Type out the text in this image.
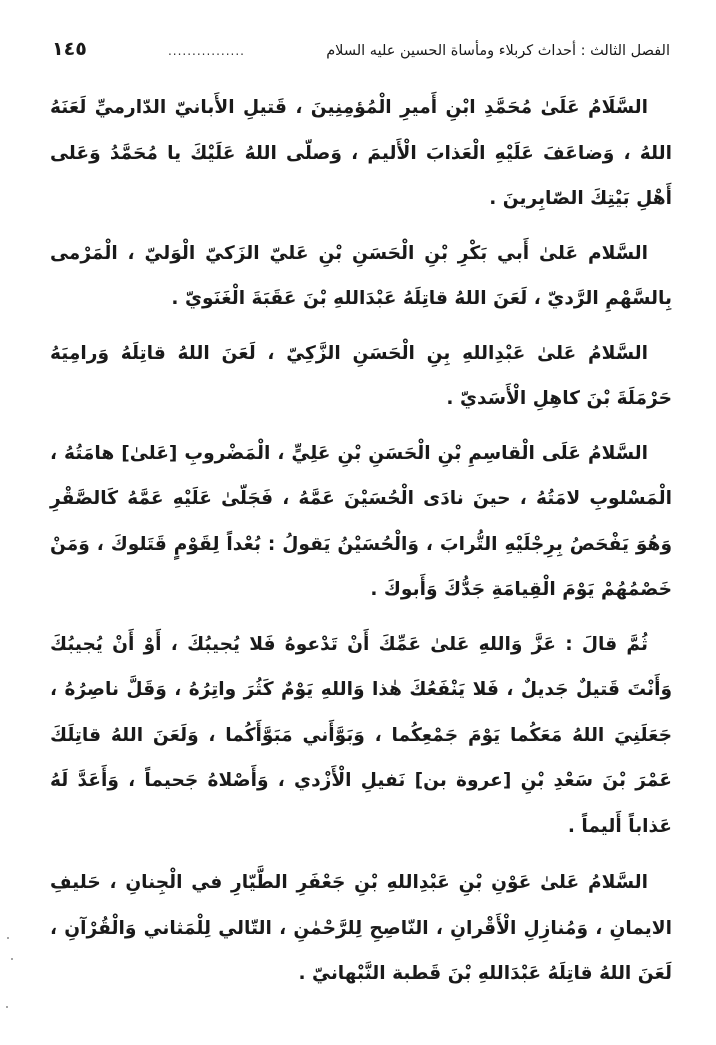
الفصل الثالث : أحداث كربلاء ومأساة الحسين عليه السلام
................
١٤٥

السَّلَامُ عَلَىٰ مُحَمَّدِ ابْنِ أَميرِ الْمُؤمِنِينَ ، قَتيلِ الأَبانيّ الدّارميِّ لَعَنَهُ اللهُ ، وَضاعَفَ عَلَيْهِ الْعَذابَ الْأَليمَ ، وَصلّى اللهُ عَلَيْكَ يا مُحَمَّدُ وَعَلى أَهْلِ بَيْتِكَ الصّابِرينَ .

السَّلام عَلىٰ أَبي بَكْرِ بْنِ الْحَسَنِ بْنِ عَليّ الزَكيّ الْوَليّ ، الْمَرْمى بِالسَّهْمِ الرَّديّ ، لَعَنَ اللهُ قاتِلَهُ عَبْدَاللهِ بْنَ عَقَبَةَ الْغَنَويّ .

السَّلامُ عَلىٰ عَبْدِاللهِ بِنِ الْحَسَنِ الزَّكِيّ ، لَعَنَ اللهُ قاتِلَهُ وَرامِيَهُ حَرْمَلَةَ بْنَ كاهِلِ الْأَسَديّ .

السَّلامُ عَلَى الْقاسِمِ بْنِ الْحَسَنِ بْنِ عَلِيٍّ ، الْمَضْروبِ [عَلىٰ] هامَتُهُ ، الْمَسْلوبِ لامَتُهُ ، حينَ نادَى الْحُسَيْنَ عَمَّهُ ، فَجَلّىٰ عَلَيْهِ عَمَّهُ كَالصَّقْرِ وَهُوَ يَفْحَصُ بِرِجْلَيْهِ التُّرابَ ، وَالْحُسَيْنُ يَقولُ : بُعْداً لِقَوْمٍ قَتَلوكَ ، وَمَنْ خَصْمُهُمْ يَوْمَ الْقِيامَةِ جَدُّكَ وَأَبوكَ .

ثُمَّ قالَ : عَزَّ وَاللهِ عَلىٰ عَمِّكَ أَنْ تَدْعوهُ فَلا يُجيبُكَ ، أَوْ أَنْ يُجيبُكَ وَأَنْتَ قَتيلٌ جَديلٌ ، فَلا يَنْفَعُكَ هٰذا وَاللهِ يَوْمٌ كَثُرَ واتِرُهُ ، وَقَلَّ ناصِرُهُ ، جَعَلَنِيَ اللهُ مَعَكُما يَوْمَ جَمْعِكُما ، وَبَوَّأَني مَبَوَّأَكُما ، وَلَعَنَ اللهُ قاتِلَكَ عَمْرَ بْنَ سَعْدِ بْنِ [عروة بن] نَفيلِ الْأَزْدي ، وَأَصْلاهُ جَحيماً ، وَأَعَدَّ لَهُ عَذاباً أَليماً .

السَّلامُ عَلىٰ عَوْنِ بْنِ عَبْدِاللهِ بْنِ جَعْفَرِ الطَّيّارِ في الْجِنانِ ، حَليفِ الايمانِ ، وَمُنازِلِ الْأَقْرانِ ، النّاصِحِ لِلرَّحْمٰنِ ، التّالي لِلْمَثاني وَالْقُرْآنِ ، لَعَنَ اللهُ قاتِلَهُ عَبْدَاللهِ بْنَ قَطبة النَّبْهانيّ .
